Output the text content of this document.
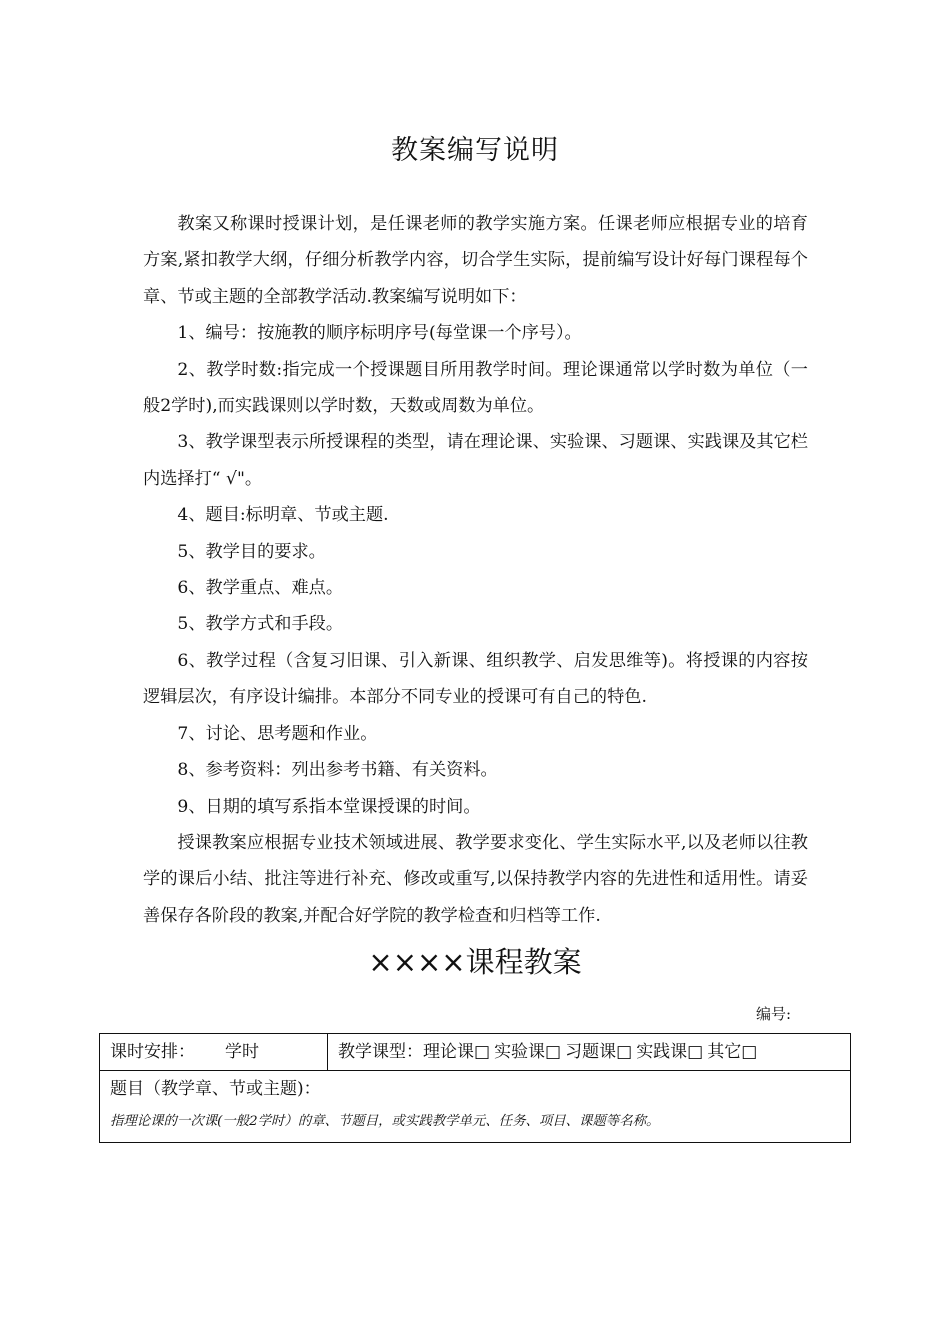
教案编写说明

教案又称课时授课计划，是任课老师的教学实施方案。任课老师应根据专业的培育方案,紧扣教学大纲，仔细分析教学内容，切合学生实际，提前编写设计好每门课程每个章、节或主题的全部教学活动.教案编写说明如下：

1、编号：按施教的顺序标明序号(每堂课一个序号）。

2、教学时数:指完成一个授课题目所用教学时间。理论课通常以学时数为单位（一般2学时),而实践课则以学时数，天数或周数为单位。

3、教学课型表示所授课程的类型，请在理论课、实验课、习题课、实践课及其它栏内选择打“ √"。

4、题目:标明章、节或主题.

5、教学目的要求。

6、教学重点、难点。

5、教学方式和手段。

6、教学过程（含复习旧课、引入新课、组织教学、启发思维等)。将授课的内容按逻辑层次，有序设计编排。本部分不同专业的授课可有自己的特色.

7、讨论、思考题和作业。

8、参考资料：列出参考书籍、有关资料。

9、日期的填写系指本堂课授课的时间。

授课教案应根据专业技术领域进展、教学要求变化、学生实际水平,以及老师以往教学的课后小结、批注等进行补充、修改或重写,以保持教学内容的先进性和适用性。请妥善保存各阶段的教案,并配合好学院的教学检查和归档等工作.

××××课程教案
编号:
课时安排： 学时	教学课型：理论课□ 实验课□ 习题课□ 实践课□ 其它□
题目（教学章、节或主题)：
指理论课的一次课(一般2学时）的章、节题目，或实践教学单元、任务、项目、课题等名称。
